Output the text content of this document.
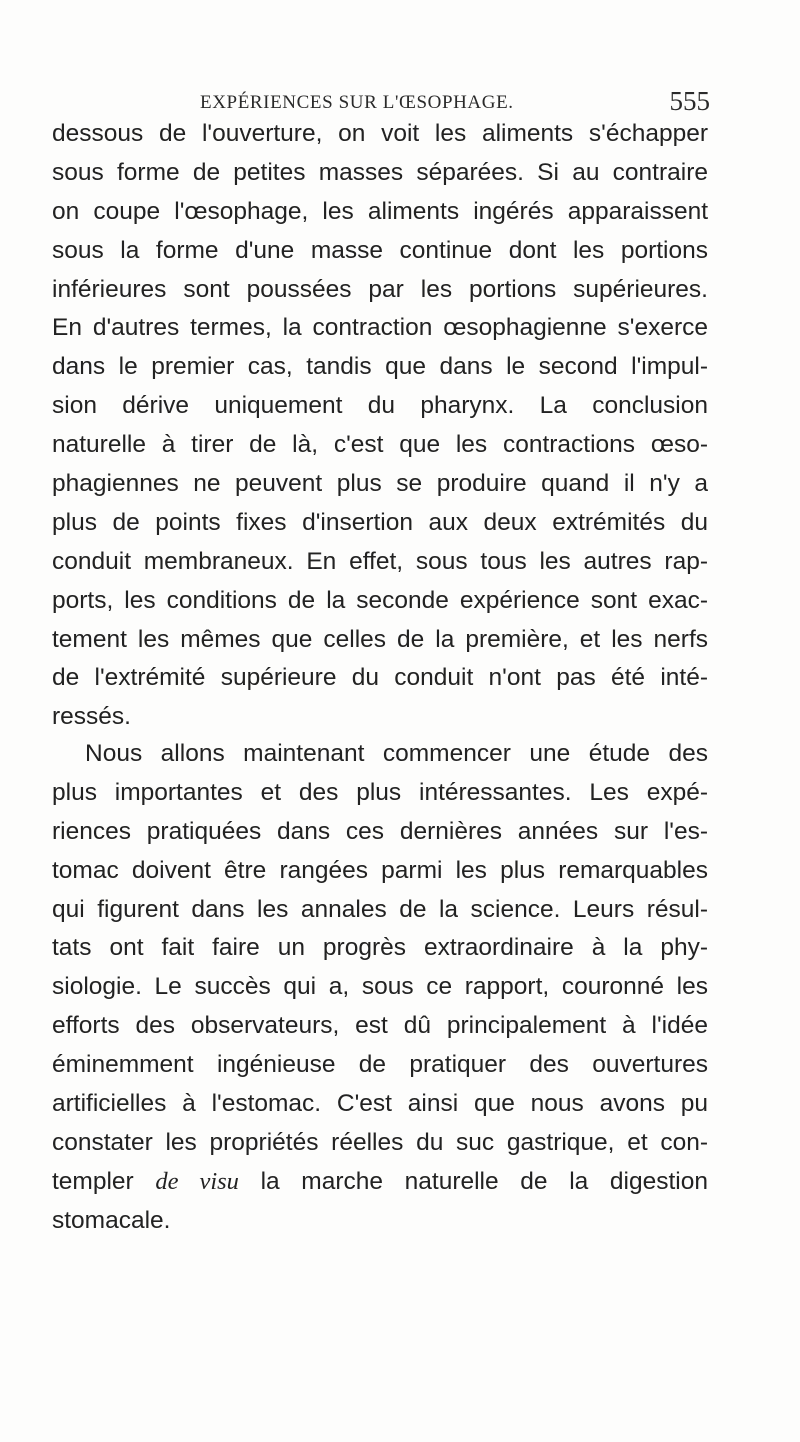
EXPÉRIENCES SUR L'ŒSOPHAGE.	555
dessous de l'ouverture, on voit les aliments s'échapper
sous forme de petites masses séparées. Si au contraire
on coupe l'œsophage, les aliments ingérés apparaissent
sous la forme d'une masse continue dont les portions
inférieures sont poussées par les portions supérieures.
En d'autres termes, la contraction œsophagienne s'exerce
dans le premier cas, tandis que dans le second l'impul-
sion dérive uniquement du pharynx. La conclusion
naturelle à tirer de là, c'est que les contractions œso-
phagiennes ne peuvent plus se produire quand il n'y a
plus de points fixes d'insertion aux deux extrémités du
conduit membraneux. En effet, sous tous les autres rap-
ports, les conditions de la seconde expérience sont exac-
tement les mêmes que celles de la première, et les nerfs
de l'extrémité supérieure du conduit n'ont pas été inté-
ressés.
Nous allons maintenant commencer une étude des
plus importantes et des plus intéressantes. Les expé-
riences pratiquées dans ces dernières années sur l'es-
tomac doivent être rangées parmi les plus remarquables
qui figurent dans les annales de la science. Leurs résul-
tats ont fait faire un progrès extraordinaire à la phy-
siologie. Le succès qui a, sous ce rapport, couronné les
efforts des observateurs, est dû principalement à l'idée
éminemment ingénieuse de pratiquer des ouvertures
artificielles à l'estomac. C'est ainsi que nous avons pu
constater les propriétés réelles du suc gastrique, et con-
templer de visu la marche naturelle de la digestion
stomacale.
